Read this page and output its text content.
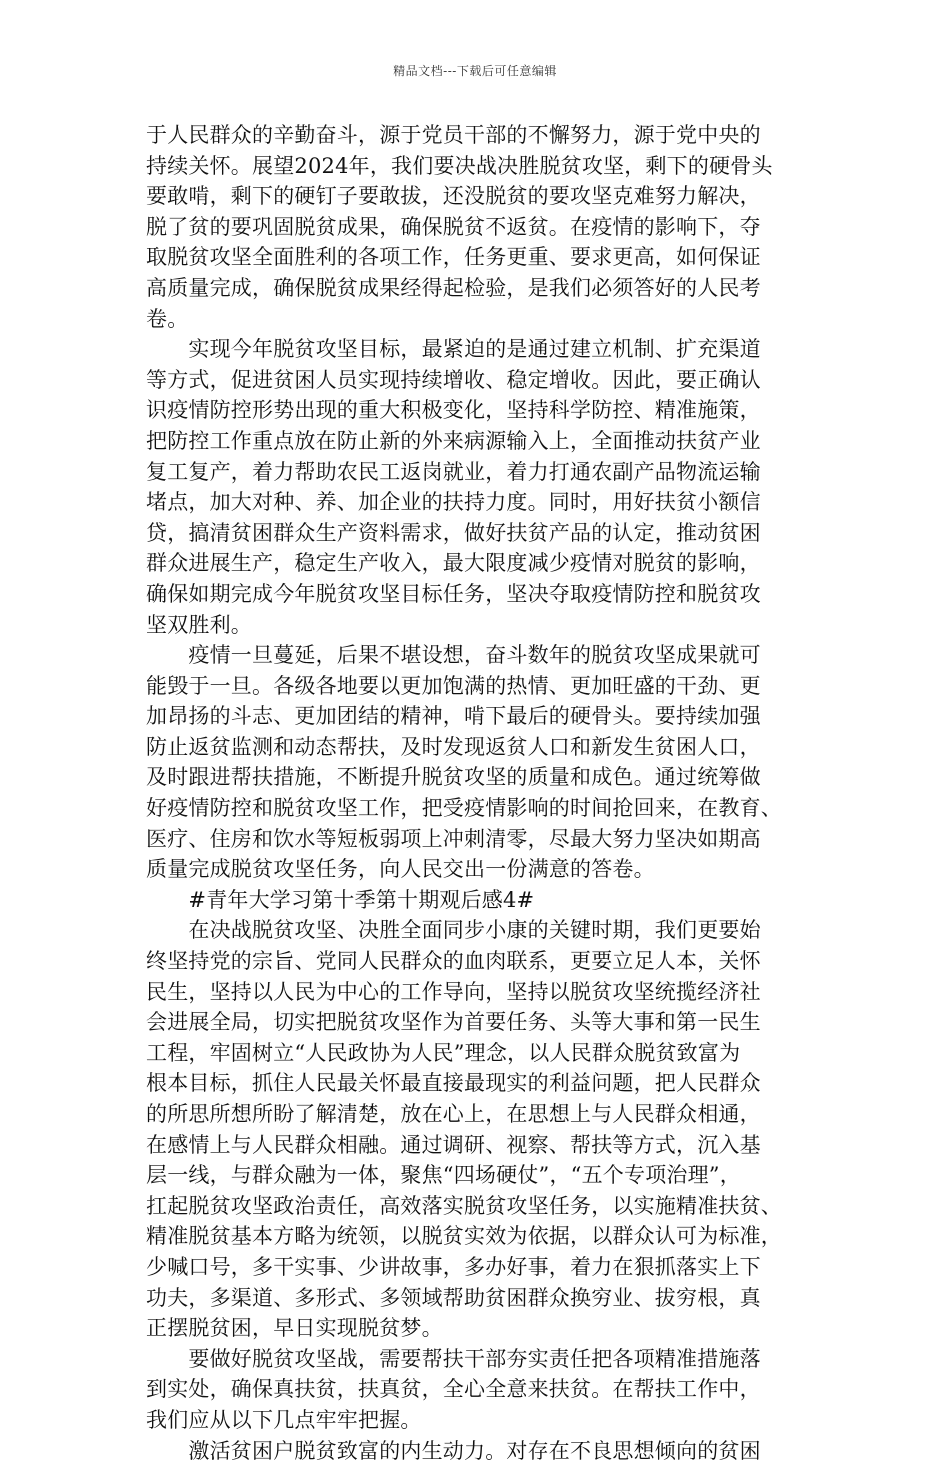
精品文档---下载后可任意编辑
于人民群众的辛勤奋斗，源于党员干部的不懈努力，源于党中央的
持续关怀。展望2024年，我们要决战决胜脱贫攻坚，剩下的硬骨头
要敢啃，剩下的硬钉子要敢拔，还没脱贫的要攻坚克难努力解决，
脱了贫的要巩固脱贫成果，确保脱贫不返贫。在疫情的影响下，夺
取脱贫攻坚全面胜利的各项工作，任务更重、要求更高，如何保证
高质量完成，确保脱贫成果经得起检验，是我们必须答好的人民考
卷。
　　实现今年脱贫攻坚目标，最紧迫的是通过建立机制、扩充渠道
等方式，促进贫困人员实现持续增收、稳定增收。因此，要正确认
识疫情防控形势出现的重大积极变化，坚持科学防控、精准施策，
把防控工作重点放在防止新的外来病源输入上，全面推动扶贫产业
复工复产，着力帮助农民工返岗就业，着力打通农副产品物流运输
堵点，加大对种、养、加企业的扶持力度。同时，用好扶贫小额信
贷，搞清贫困群众生产资料需求，做好扶贫产品的认定，推动贫困
群众进展生产，稳定生产收入，最大限度减少疫情对脱贫的影响，
确保如期完成今年脱贫攻坚目标任务，坚决夺取疫情防控和脱贫攻
坚双胜利。
　　疫情一旦蔓延，后果不堪设想，奋斗数年的脱贫攻坚成果就可
能毁于一旦。各级各地要以更加饱满的热情、更加旺盛的干劲、更
加昂扬的斗志、更加团结的精神，啃下最后的硬骨头。要持续加强
防止返贫监测和动态帮扶，及时发现返贫人口和新发生贫困人口，
及时跟进帮扶措施，不断提升脱贫攻坚的质量和成色。通过统筹做
好疫情防控和脱贫攻坚工作，把受疫情影响的时间抢回来，在教育、
医疗、住房和饮水等短板弱项上冲刺清零，尽最大努力坚决如期高
质量完成脱贫攻坚任务，向人民交出一份满意的答卷。
　　#青年大学习第十季第十期观后感4#
　　在决战脱贫攻坚、决胜全面同步小康的关键时期，我们更要始
终坚持党的宗旨、党同人民群众的血肉联系，更要立足人本，关怀
民生，坚持以人民为中心的工作导向，坚持以脱贫攻坚统揽经济社
会进展全局，切实把脱贫攻坚作为首要任务、头等大事和第一民生
工程，牢固树立“人民政协为人民”理念，以人民群众脱贫致富为
根本目标，抓住人民最关怀最直接最现实的利益问题，把人民群众
的所思所想所盼了解清楚，放在心上，在思想上与人民群众相通，
在感情上与人民群众相融。通过调研、视察、帮扶等方式，沉入基
层一线，与群众融为一体，聚焦“四场硬仗”，“五个专项治理”，
扛起脱贫攻坚政治责任，高效落实脱贫攻坚任务，以实施精准扶贫、
精准脱贫基本方略为统领，以脱贫实效为依据，以群众认可为标准，
少喊口号，多干实事、少讲故事，多办好事，着力在狠抓落实上下
功夫，多渠道、多形式、多领域帮助贫困群众换穷业、拔穷根，真
正摆脱贫困，早日实现脱贫梦。
　　要做好脱贫攻坚战，需要帮扶干部夯实责任把各项精准措施落
到实处，确保真扶贫，扶真贫，全心全意来扶贫。在帮扶工作中，
我们应从以下几点牢牢把握。
　　激活贫困户脱贫致富的内生动力。对存在不良思想倾向的贫困
